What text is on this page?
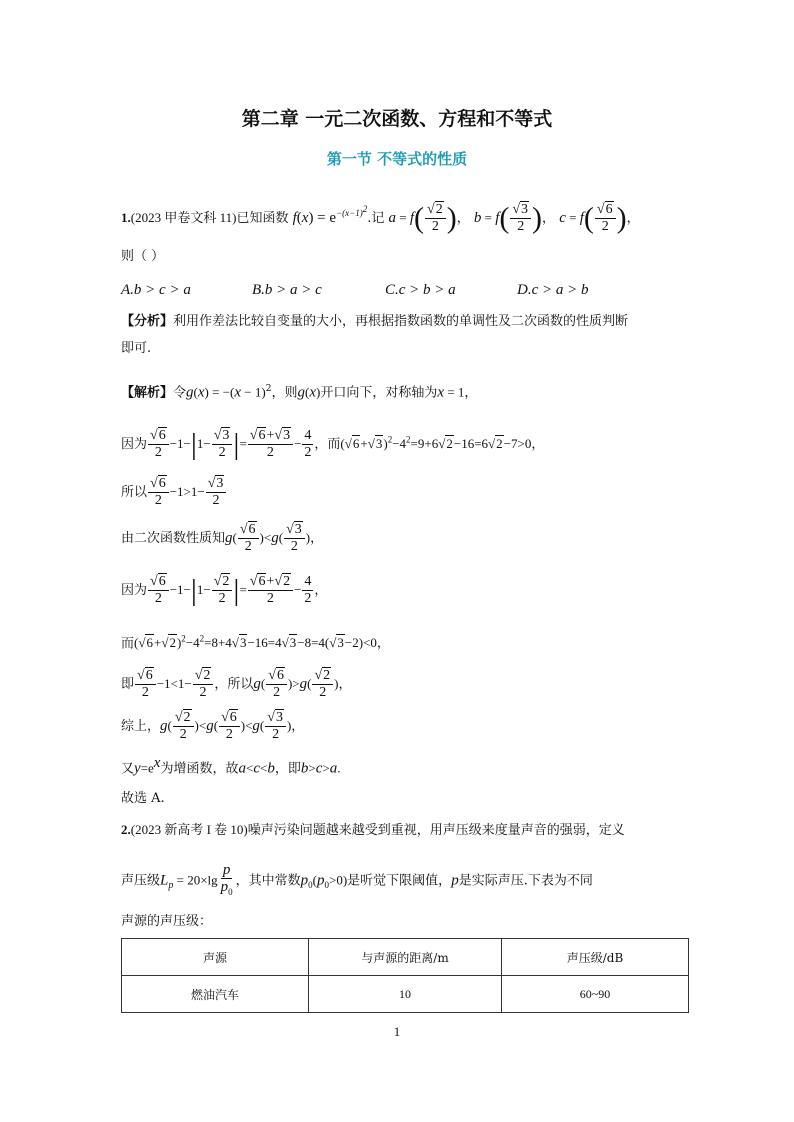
第二章 一元二次函数、方程和不等式
第一节 不等式的性质
1.(2023 甲卷文科 11)已知函数 $f(x) = e^{-(x-1)^2}$.记 $a = f( \frac{√2}{2}$ )， $b = f( \frac{√3}{2}$ )， $c = f( \frac{√6}{2}$ )，
则（ ）
A.b > c > a	B.b > a > c	C.c > b > a	D.c > a > b
【分析】利用作差法比较自变量的大小，再根据指数函数的单调性及二次函数的性质判断
即可.
【解析】令$g(x) = -(x - 1)^2$，则g(x)开口向下，对称轴为x = 1，
因为 $\frac{√6}{2} -1-|1- \frac{√3}{2}$ |= $\frac{√6+√3}{2} - \frac{4}{2}$ ，而$(√6+√3)^2-4^2=9+6√2-16=6√2-7>0$，
所以 $\frac{√6}{2} -1>1- \frac{√3}{2}$
由二次函数性质知$g( \frac{√6}{2} )<g( \frac{√3}{2}$ )，
因为 $\frac{√6}{2} -1-|1- \frac{√2}{2}$ |= $\frac{√6+√2}{2} - \frac{4}{2}$ ，
而$(√6+√2)^2-4^2=8+4√3-16=4√3-8=4(√3-2)<0$，
即 $\frac{√6}{2} -1<1- \frac{√2}{2}$ ，所以$g( \frac{√6}{2} )>g( \frac{√2}{2}$ )，
综上，$g( \frac{√2}{2} )<g( \frac{√6}{2} )<g( \frac{√3}{2}$ )，
又$y=e^x$为增函数，故a<c<b，即b>c>a.
故选 A.
2.(2023 新高考 I 卷 10)噪声污染问题越来越受到重视，用声压级来度量声音的强弱，定义
声压级$L_p = 20\times\lg \frac{p}{p_0}$ ，其中常数$p_0(p_0>0)$是听觉下限阈值，p是实际声压.下表为不同
声源的声压级：
声源	与声源的距离/m	声压级/dB
燃油汽车	10	60~90
1
